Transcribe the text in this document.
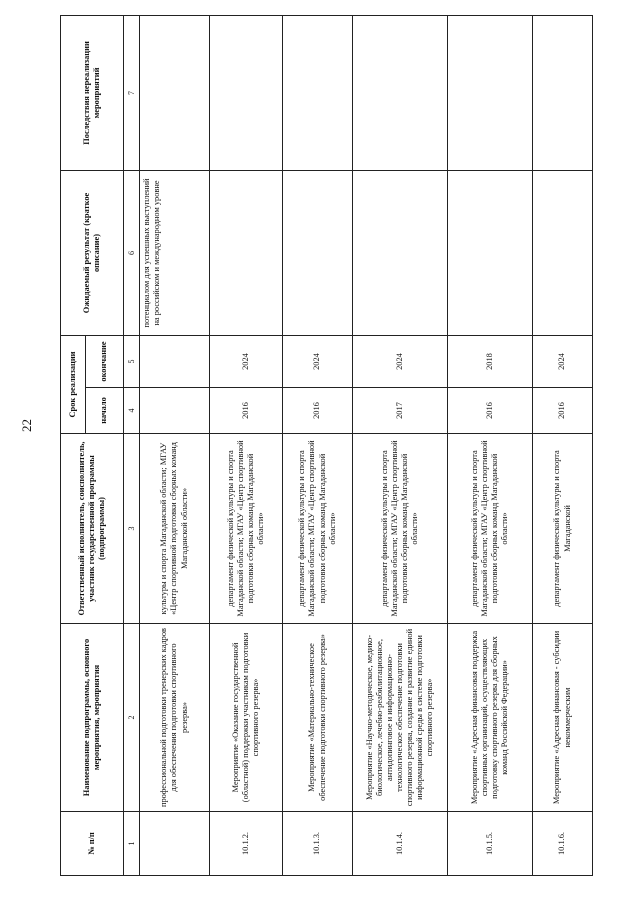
22
№ п/п	Наименование подпрограммы, основного мероприятия, мероприятия	Ответственный исполнитель, соисполнитель, участник государственной программы (подпрограммы)	Срок реализации		Ожидаемый результат (краткое описание)	Последствия нереализации мероприятий
			начало	окончание		
1	2	3	4	5	6	7
	профессиональной подготовки тренерских кадров для обеспечения подготовки спортивного резерва»	культуры и спорта Магаданской области; МГАУ «Центр спортивной подготовки сборных команд Магаданской области»			потенциалом для успешных выступлений на российском и международном уровне	
10.1.2.	Мероприятие «Оказание государственной (областной) поддержки участникам подготовки спортивного резерва»	департамент физической культуры и спорта Магаданской области; МГАУ «Центр спортивной подготовки сборных команд Магаданской области»	2016	2024		
10.1.3.	Мероприятие «Материально-техническое обеспечение подготовки спортивного резерва»	департамент физической культуры и спорта Магаданской области; МГАУ «Центр спортивной подготовки сборных команд Магаданской области»	2016	2024		
10.1.4.	Мероприятие «Научно-методическое, медико-биологическое, лечебно-реабилитационное, антидопинговое и информационно-технологическое обеспечение подготовки спортивного резерва, создание и развитие единой информационной среды в системе подготовки спортивного резерва»	департамент физической культуры и спорта Магаданской области; МГАУ «Центр спортивной подготовки сборных команд Магаданской области»	2017	2024		
10.1.5.	Мероприятие «Адресная финансовая поддержка спортивных организаций, осуществляющих подготовку спортивного резерва для сборных команд Российской Федерации»	департамент физической культуры и спорта Магаданской области; МГАУ «Центр спортивной подготовки сборных команд Магаданской области»	2016	2018		
10.1.6.	Мероприятие «Адресная финансовая - субсидии некоммерческим	департамент физической культуры и спорта Магаданской	2016	2024		
